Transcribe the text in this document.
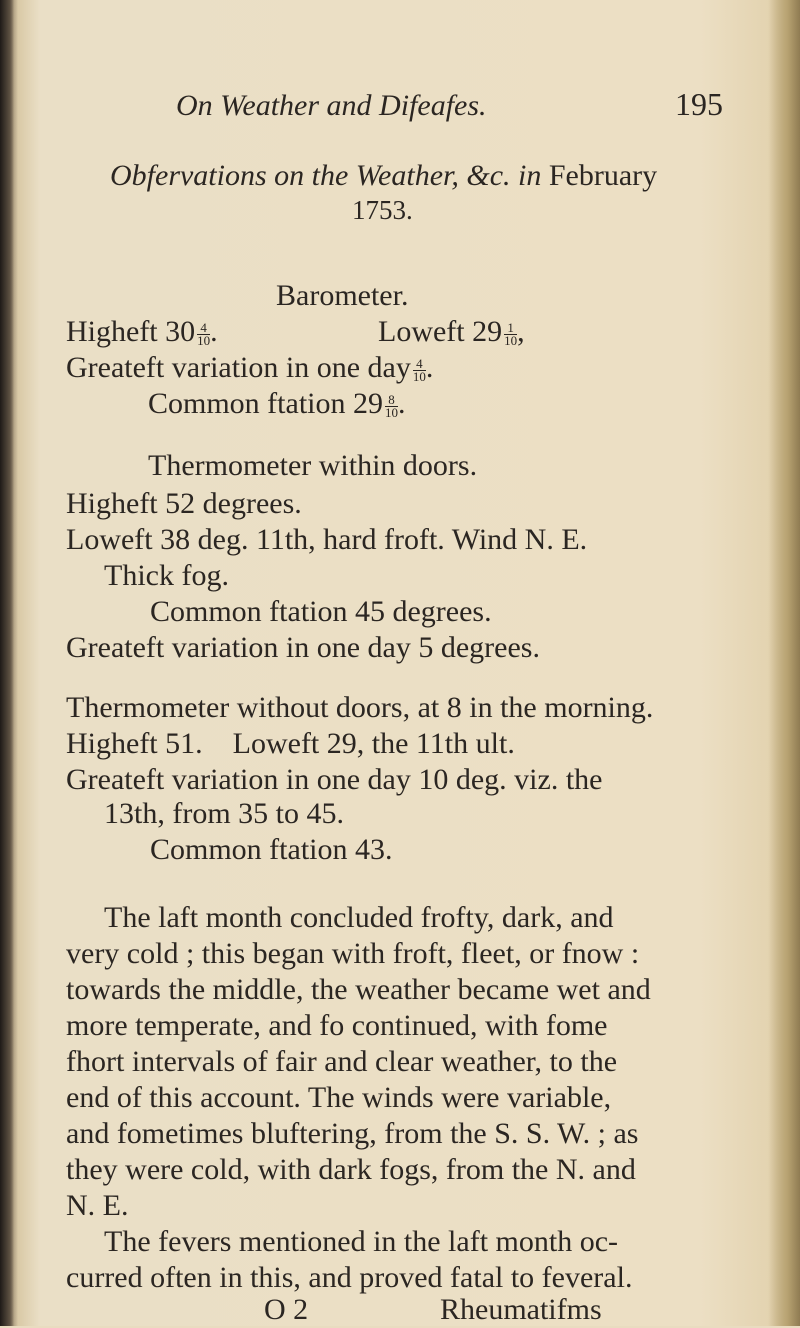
On Weather and Difeafes.	195
Obfervations on the Weather, &c. in February
1753.
Barometer.
Higheft $30 \frac{4}{10}$ .	Loweft $29 \frac{1}{10}$ ,
Greateft variation in one day $\frac{4}{10}$ .
Common ftation $29 \frac{8}{10}$ .
Thermometer within doors.
Higheft 52 degrees.
Loweft 38 deg. 11th, hard froft. Wind N. E.
Thick fog.
Common ftation 45 degrees.
Greateft variation in one day 5 degrees.
Thermometer without doors, at 8 in the morning.
Higheft 51.    Loweft 29, the 11th ult.
Greateft variation in one day 10 deg. viz. the
13th, from 35 to 45.
Common ftation 43.
The laft month concluded frofty, dark, and
very cold ; this began with froft, fleet, or fnow :
towards the middle, the weather became wet and
more temperate, and fo continued, with fome
fhort intervals of fair and clear weather, to the
end of this account. The winds were variable,
and fometimes bluftering, from the S. S. W. ; as
they were cold, with dark fogs, from the N. and
N. E.
The fevers mentioned in the laft month oc-
curred often in this, and proved fatal to feveral.
O 2	Rheumatifms
